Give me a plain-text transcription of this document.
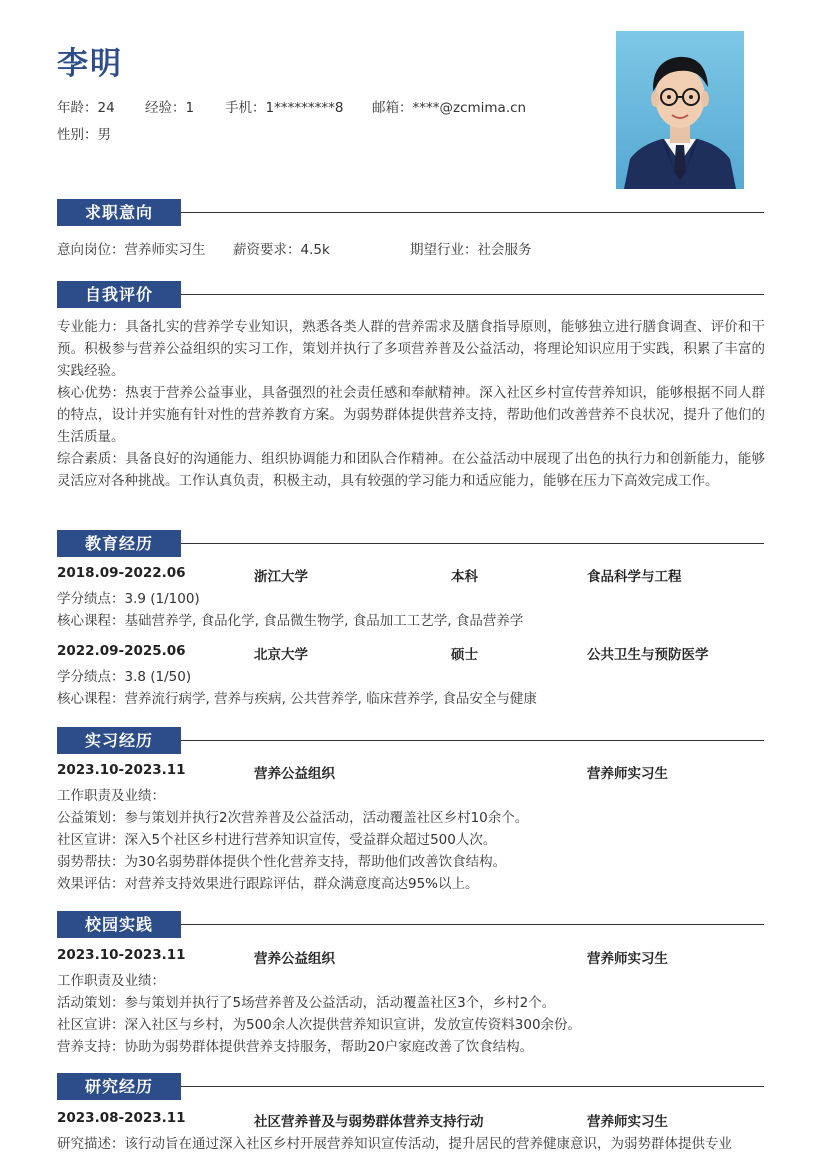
李明
年龄：24 经验：1 手机：1*********8 邮箱：****@zcmima.cn
性别：男
求职意向
意向岗位：营养师实习生 薪资要求：4.5k	期望行业：社会服务
自我评价
专业能力：具备扎实的营养学专业知识，熟悉各类人群的营养需求及膳食指导原则，能够独立进行膳食调查、评价和干预。积极参与营养公益组织的实习工作，策划并执行了多项营养普及公益活动，将理论知识应用于实践，积累了丰富的实践经验。
核心优势：热衷于营养公益事业，具备强烈的社会责任感和奉献精神。深入社区乡村宣传营养知识，能够根据不同人群的特点，设计并实施有针对性的营养教育方案。为弱势群体提供营养支持，帮助他们改善营养不良状况，提升了他们的生活质量。
综合素质：具备良好的沟通能力、组织协调能力和团队合作精神。在公益活动中展现了出色的执行力和创新能力，能够灵活应对各种挑战。工作认真负责，积极主动，具有较强的学习能力和适应能力，能够在压力下高效完成工作。
教育经历
2018.09-2022.06	浙江大学	本科	食品科学与工程
学分绩点：3.9 (1/100)
核心课程：基础营养学, 食品化学, 食品微生物学, 食品加工工艺学, 食品营养学
2022.09-2025.06	北京大学	硕士	公共卫生与预防医学
学分绩点：3.8 (1/50)
核心课程：营养流行病学, 营养与疾病, 公共营养学, 临床营养学, 食品安全与健康
实习经历
2023.10-2023.11	营养公益组织	营养师实习生
工作职责及业绩：
公益策划：参与策划并执行2次营养普及公益活动，活动覆盖社区乡村10余个。
社区宣讲：深入5个社区乡村进行营养知识宣传，受益群众超过500人次。
弱势帮扶：为30名弱势群体提供个性化营养支持，帮助他们改善饮食结构。
效果评估：对营养支持效果进行跟踪评估，群众满意度高达95%以上。
校园实践
2023.10-2023.11	营养公益组织	营养师实习生
工作职责及业绩：
活动策划：参与策划并执行了5场营养普及公益活动，活动覆盖社区3个，乡村2个。
社区宣讲：深入社区与乡村，为500余人次提供营养知识宣讲，发放宣传资料300余份。
营养支持：协助为弱势群体提供营养支持服务，帮助20户家庭改善了饮食结构。
研究经历
2023.08-2023.11	社区营养普及与弱势群体营养支持行动	营养师实习生
研究描述：该行动旨在通过深入社区乡村开展营养知识宣传活动，提升居民的营养健康意识，为弱势群体提供专业
